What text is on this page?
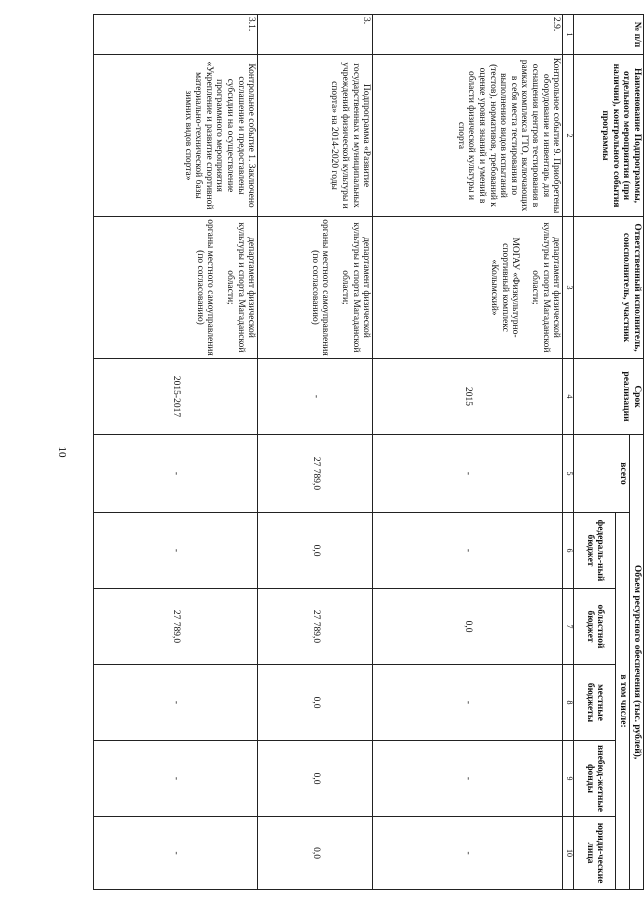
10
№ п/п	Наименование Подпрограммы, отдельного мероприятия (при наличии), контрольного события программы	Ответственный исполнитель, соисполнитель, участник	Срок реализации	Объем ресурсного обеспечения (тыс. рублей),					
				всего	в том числе:				
					федераль-ный бюджет	областной бюджет	местные бюджеты	внебюд-жетные фонды	юриди-ческие лица
1	2	3	4	5	6	7	8	9	10
2.9.	Контрольное событие 9. Приобретены оборудование и инвентарь для оснащения центров тестирования в рамках комплекса ГТО, включающих в себя места тестирования по выполнению видов испытаний (тестов), нормативов, требований к оценке уровня знаний и умений в области физической культуры и спорта	департамент физической культуры и спорта Магаданской области;
МОГАУ «Физкультурно-спортивный комплекс «Колымский»	2015	-	-	0,0	-	-	-
3.	Подпрограмма «Развитие государственных и муниципальных учреждений физической культуры и спорта» на 2014-2020 годы	департамент физической культуры и спорта Магаданской области;
органы местного самоуправления (по согласованию)	-	27 789,0	0,0	27 789,0	0,0	0,0	0,0
3.1.	Контрольное событие 1. Заключено соглашение и предоставлены субсидии на осуществление программного мероприятия «Укрепление и развитие спортивной материально-технической базы зимних видов спорта»	департамент физической культуры и спорта Магаданской области;
органы местного самоуправления (по согласованию)	2015-2017	-	-	27 789,0	-	-	-
